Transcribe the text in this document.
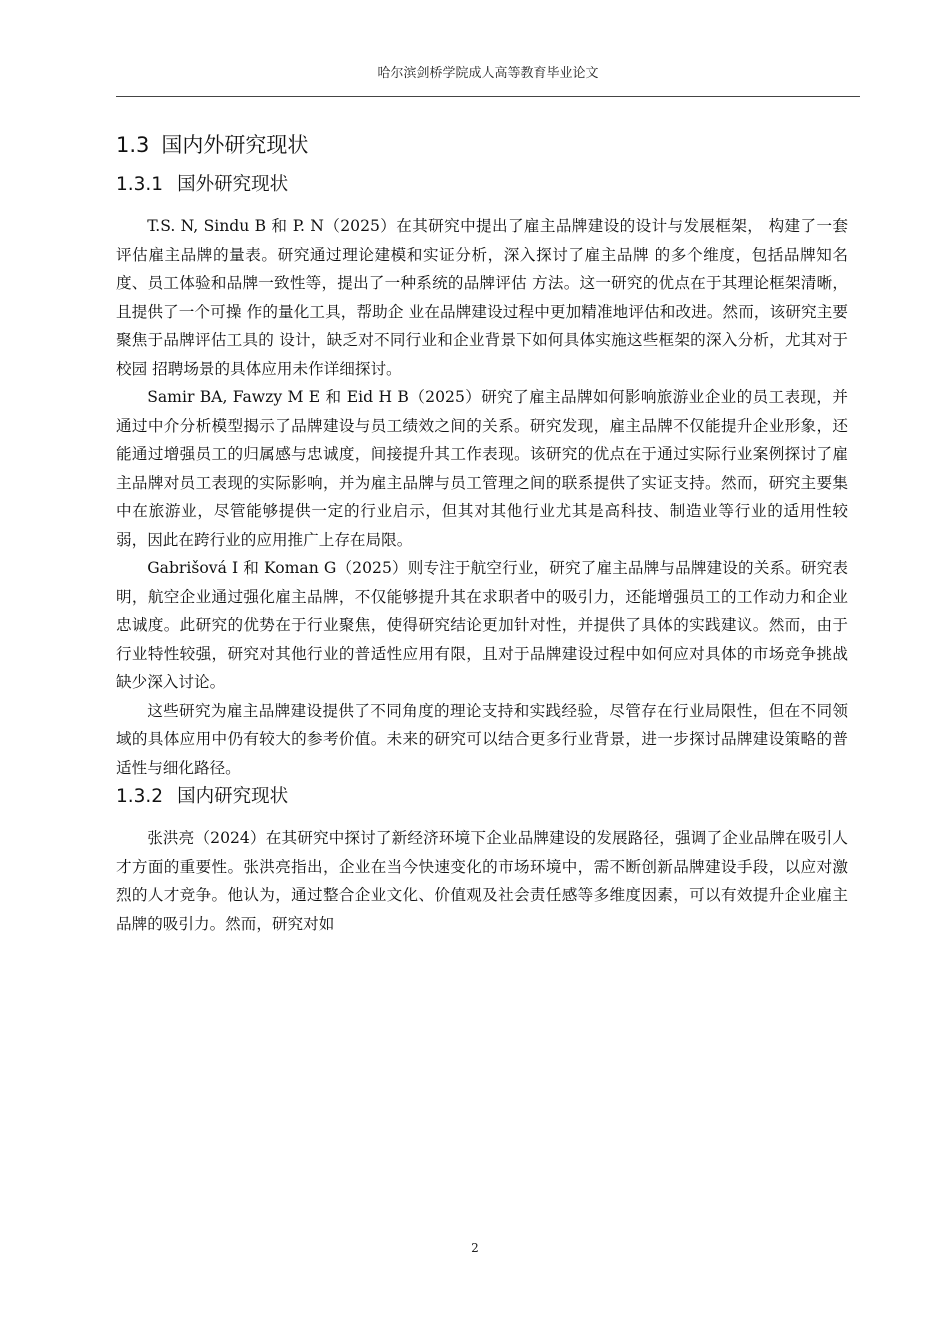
哈尔滨剑桥学院成人高等教育毕业论文
1.3 国内外研究现状
1.3.1 国外研究现状

T.S. N, Sindu B 和 P. N（2025）在其研究中提出了雇主品牌建设的设计与发展框架， 构建了一套评估雇主品牌的量表。研究通过理论建模和实证分析，深入探讨了雇主品牌 的多个维度，包括品牌知名度、员工体验和品牌一致性等，提出了一种系统的品牌评估 方法。这一研究的优点在于其理论框架清晰，且提供了一个可操 作的量化工具，帮助企 业在品牌建设过程中更加精准地评估和改进。然而，该研究主要聚焦于品牌评估工具的 设计，缺乏对不同行业和企业背景下如何具体实施这些框架的深入分析，尤其对于校园 招聘场景的具体应用未作详细探讨。

Samir BA, Fawzy M E 和 Eid H B（2025）研究了雇主品牌如何影响旅游业企业的员工表现，并通过中介分析模型揭示了品牌建设与员工绩效之间的关系。研究发现，雇主品牌不仅能提升企业形象，还能通过增强员工的归属感与忠诚度，间接提升其工作表现。该研究的优点在于通过实际行业案例探讨了雇主品牌对员工表现的实际影响，并为雇主品牌与员工管理之间的联系提供了实证支持。然而，研究主要集中在旅游业，尽管能够提供一定的行业启示，但其对其他行业尤其是高科技、制造业等行业的适用性较弱，因此在跨行业的应用推广上存在局限。

Gabrišová I 和 Koman G（2025）则专注于航空行业，研究了雇主品牌与品牌建设的关系。研究表明，航空企业通过强化雇主品牌，不仅能够提升其在求职者中的吸引力，还能增强员工的工作动力和企业忠诚度。此研究的优势在于行业聚焦，使得研究结论更加针对性，并提供了具体的实践建议。然而，由于行业特性较强，研究对其他行业的普适性应用有限，且对于品牌建设过程中如何应对具体的市场竞争挑战缺少深入讨论。

这些研究为雇主品牌建设提供了不同角度的理论支持和实践经验，尽管存在行业局限性，但在不同领域的具体应用中仍有较大的参考价值。未来的研究可以结合更多行业背景，进一步探讨品牌建设策略的普适性与细化路径。

1.3.2 国内研究现状

张洪亮（2024）在其研究中探讨了新经济环境下企业品牌建设的发展路径，强调了企业品牌在吸引人才方面的重要性。张洪亮指出，企业在当今快速变化的市场环境中，需不断创新品牌建设手段，以应对激烈的人才竞争。他认为，通过整合企业文化、价值观及社会责任感等多维度因素，可以有效提升企业雇主品牌的吸引力。然而，研究对如

2
